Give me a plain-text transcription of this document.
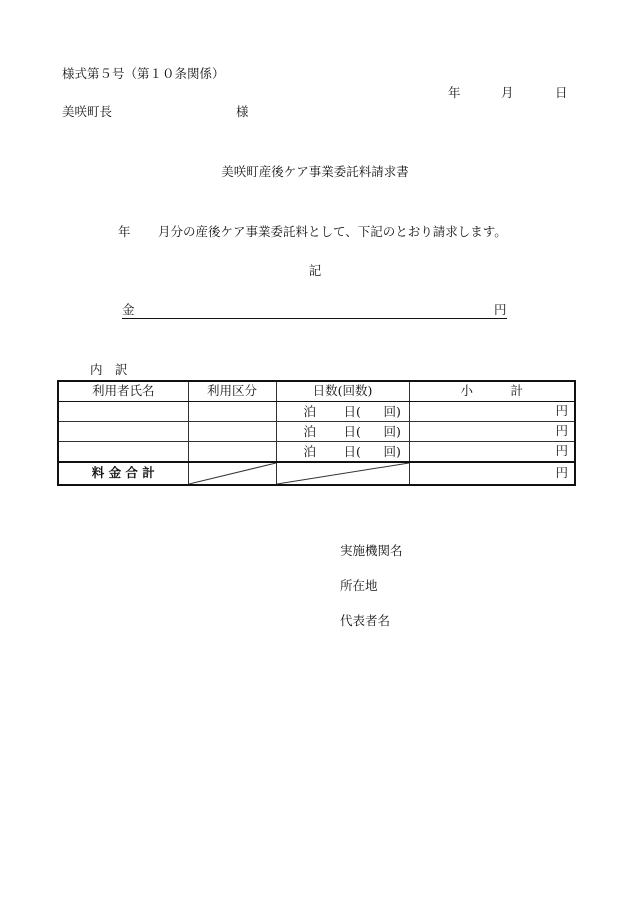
様式第５号（第１０条関係）
年	月	日
美咲町長	様
美咲町産後ケア事業委託料請求書
年 月分の産後ケア事業委託料として、下記のとおり請求します。
記
金	円
内　訳
利用者氏名	利用区分	日数(回数)	小　　　計

		泊 日( 回)	円

		泊 日( 回)	円

		泊 日( 回)	円
料 金 合 計			円
実施機関名
所在地
代表者名
